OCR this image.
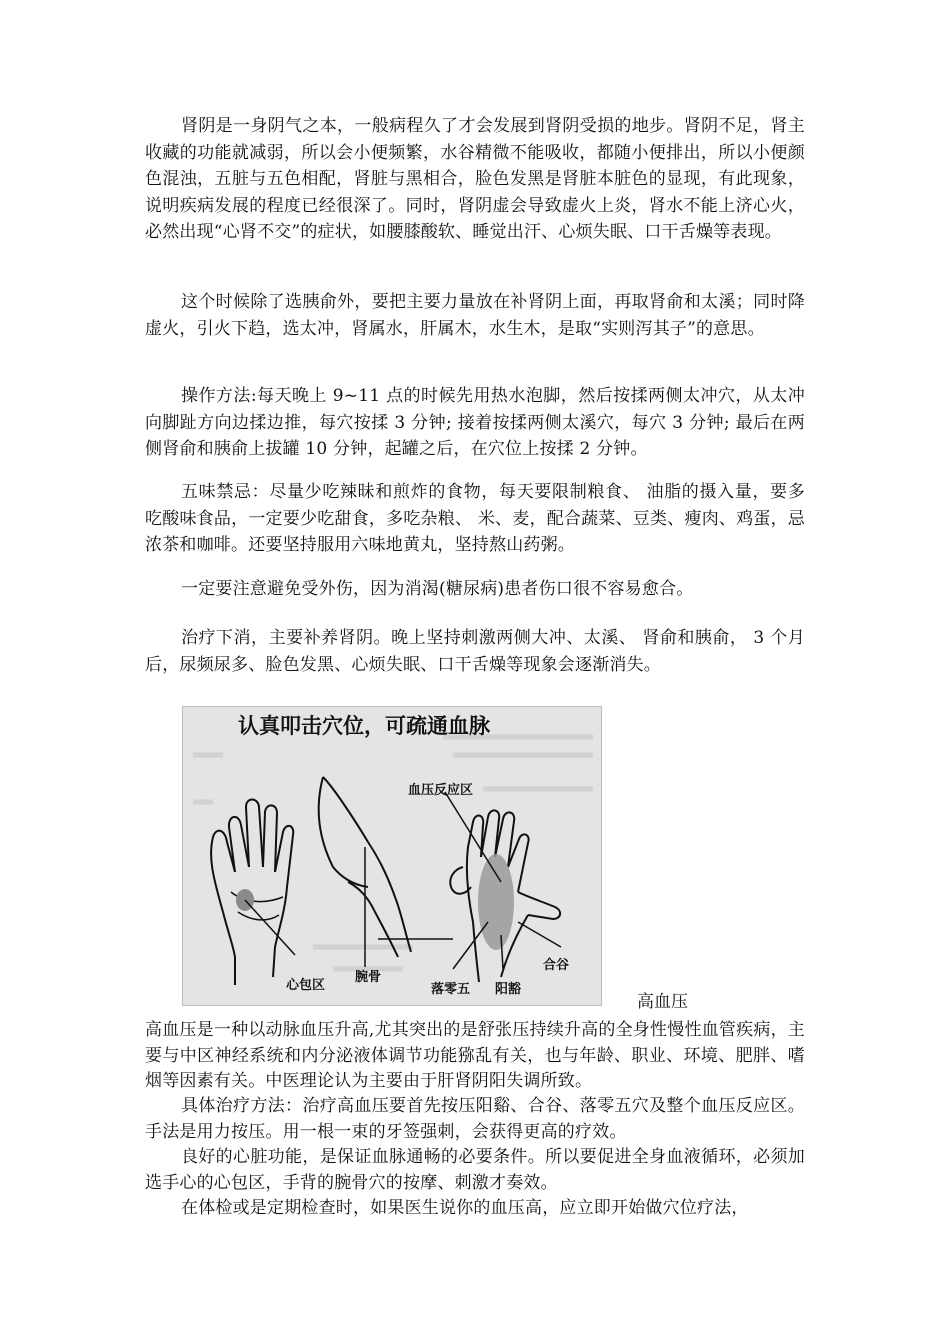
肾阴是一身阴气之本，一般病程久了才会发展到肾阴受损的地步。肾阴不足，肾主收藏的功能就减弱，所以会小便频繁，水谷精微不能吸收，都随小便排出，所以小便颜色混浊，五脏与五色相配，肾脏与黑相合，脸色发黑是肾脏本脏色的显现，有此现象，说明疾病发展的程度已经很深了。同时，肾阴虚会导致虚火上炎，肾水不能上济心火，必然出现“心肾不交”的症状，如腰膝酸软、睡觉出汗、心烦失眠、口干舌燥等表现。

这个时候除了选胰俞外，要把主要力量放在补肾阴上面，再取肾俞和太溪；同时降虚火，引火下趋，选太冲，肾属水，肝属木，水生木，是取“实则泻其子”的意思。

操作方法:每天晚上 9~11 点的时候先用热水泡脚，然后按揉两侧太冲穴，从太冲向脚趾方向边揉边推，每穴按揉 3 分钟; 接着按揉两侧太溪穴，每穴 3 分钟; 最后在两侧肾俞和胰俞上拔罐 10 分钟，起罐之后，在穴位上按揉 2 分钟。

五味禁忌：尽量少吃辣昧和煎炸的食物，每天要限制粮食、 油脂的摄入量，要多吃酸味食品，一定要少吃甜食，多吃杂粮、 米、麦，配合蔬菜、豆类、瘦肉、鸡蛋，忌浓茶和咖啡。还要坚持服用六味地黄丸，坚持熬山药粥。

一定要注意避免受外伤，因为消渴(糖尿病)患者伤口很不容易愈合。

治疗下消，主要补养肾阴。晚上坚持刺激两侧大冲、太溪、 肾俞和胰俞， 3 个月后，尿频尿多、脸色发黑、心烦失眠、口干舌燥等现象会逐渐消失。

认真叩击穴位，可疏通血脉
心包区
腕骨
血压反应区
落零五 阳豁
合谷

高血压

高血压是一种以动脉血压升高,尤其突出的是舒张压持续升高的全身性慢性血管疾病，主要与中区神经系统和内分泌液体调节功能猕乱有关，也与年龄、职业、环境、肥胖、嗜烟等因素有关。中医理论认为主要由于肝肾阴阳失调所致。

具体治疗方法：治疗高血压要首先按压阳谿、合谷、落零五穴及整个血压反应区。手法是用力按压。用一根一束的牙签强刺，会获得更高的疗效。

良好的心脏功能，是保证血脉通畅的必要条件。所以要促进全身血液循环，必须加选手心的心包区，手背的腕骨穴的按摩、刺激才奏效。

在体检或是定期检查时，如果医生说你的血压高，应立即开始做穴位疗法，
